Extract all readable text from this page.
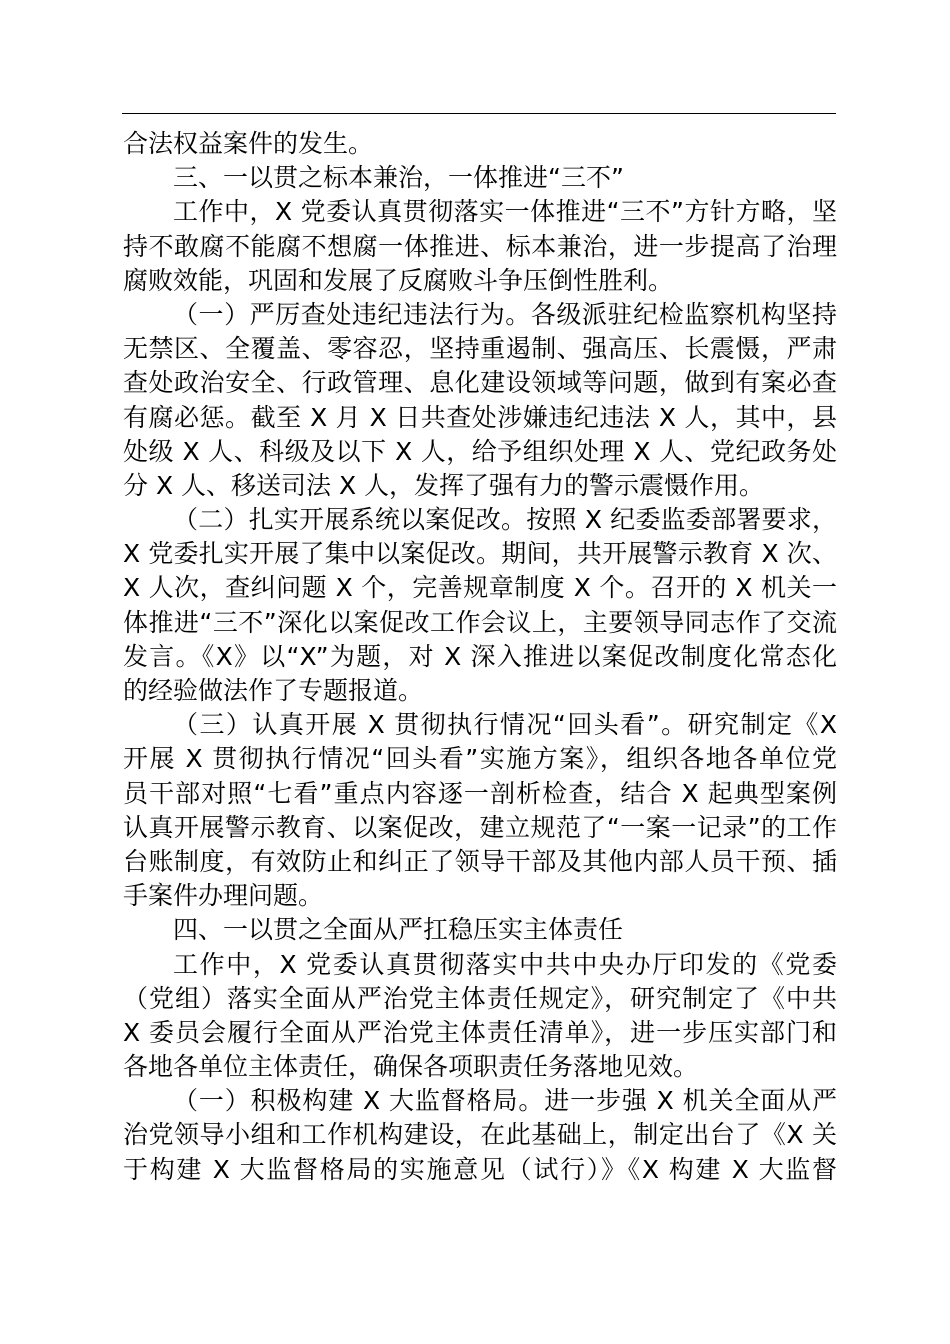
合法权益案件的发生。
三、一以贯之标本兼治，一体推进“三不”
工作中，X 党委认真贯彻落实一体推进“三不”方针方略，坚
持不敢腐不能腐不想腐一体推进、标本兼治，进一步提高了治理
腐败效能，巩固和发展了反腐败斗争压倒性胜利。
（一）严厉查处违纪违法行为。各级派驻纪检监察机构坚持
无禁区、全覆盖、零容忍，坚持重遏制、强高压、长震慑，严肃
查处政治安全、行政管理、息化建设领域等问题，做到有案必查
有腐必惩。截至 X 月 X 日共查处涉嫌违纪违法 X 人，其中，县
处级 X 人、科级及以下 X 人，给予组织处理 X 人、党纪政务处
分 X 人、移送司法 X 人，发挥了强有力的警示震慑作用。
（二）扎实开展系统以案促改。按照 X 纪委监委部署要求，
X 党委扎实开展了集中以案促改。期间，共开展警示教育 X 次、
X 人次，查纠问题 X 个，完善规章制度 X 个。召开的 X 机关一
体推进“三不”深化以案促改工作会议上，主要领导同志作了交流
发言。《X》以“X”为题，对 X 深入推进以案促改制度化常态化
的经验做法作了专题报道。
（三）认真开展 X 贯彻执行情况“回头看”。研究制定《X
开展 X 贯彻执行情况“回头看”实施方案》，组织各地各单位党
员干部对照“七看”重点内容逐一剖析检查，结合 X 起典型案例
认真开展警示教育、以案促改，建立规范了“一案一记录”的工作
台账制度，有效防止和纠正了领导干部及其他内部人员干预、插
手案件办理问题。
四、一以贯之全面从严扛稳压实主体责任
工作中，X 党委认真贯彻落实中共中央办厅印发的《党委
（党组）落实全面从严治党主体责任规定》，研究制定了《中共
X 委员会履行全面从严治党主体责任清单》，进一步压实部门和
各地各单位主体责任，确保各项职责任务落地见效。
（一）积极构建 X 大监督格局。进一步强 X 机关全面从严
治党领导小组和工作机构建设，在此基础上，制定出台了《X 关
于构建 X 大监督格局的实施意见（试行）》《X 构建 X 大监督
